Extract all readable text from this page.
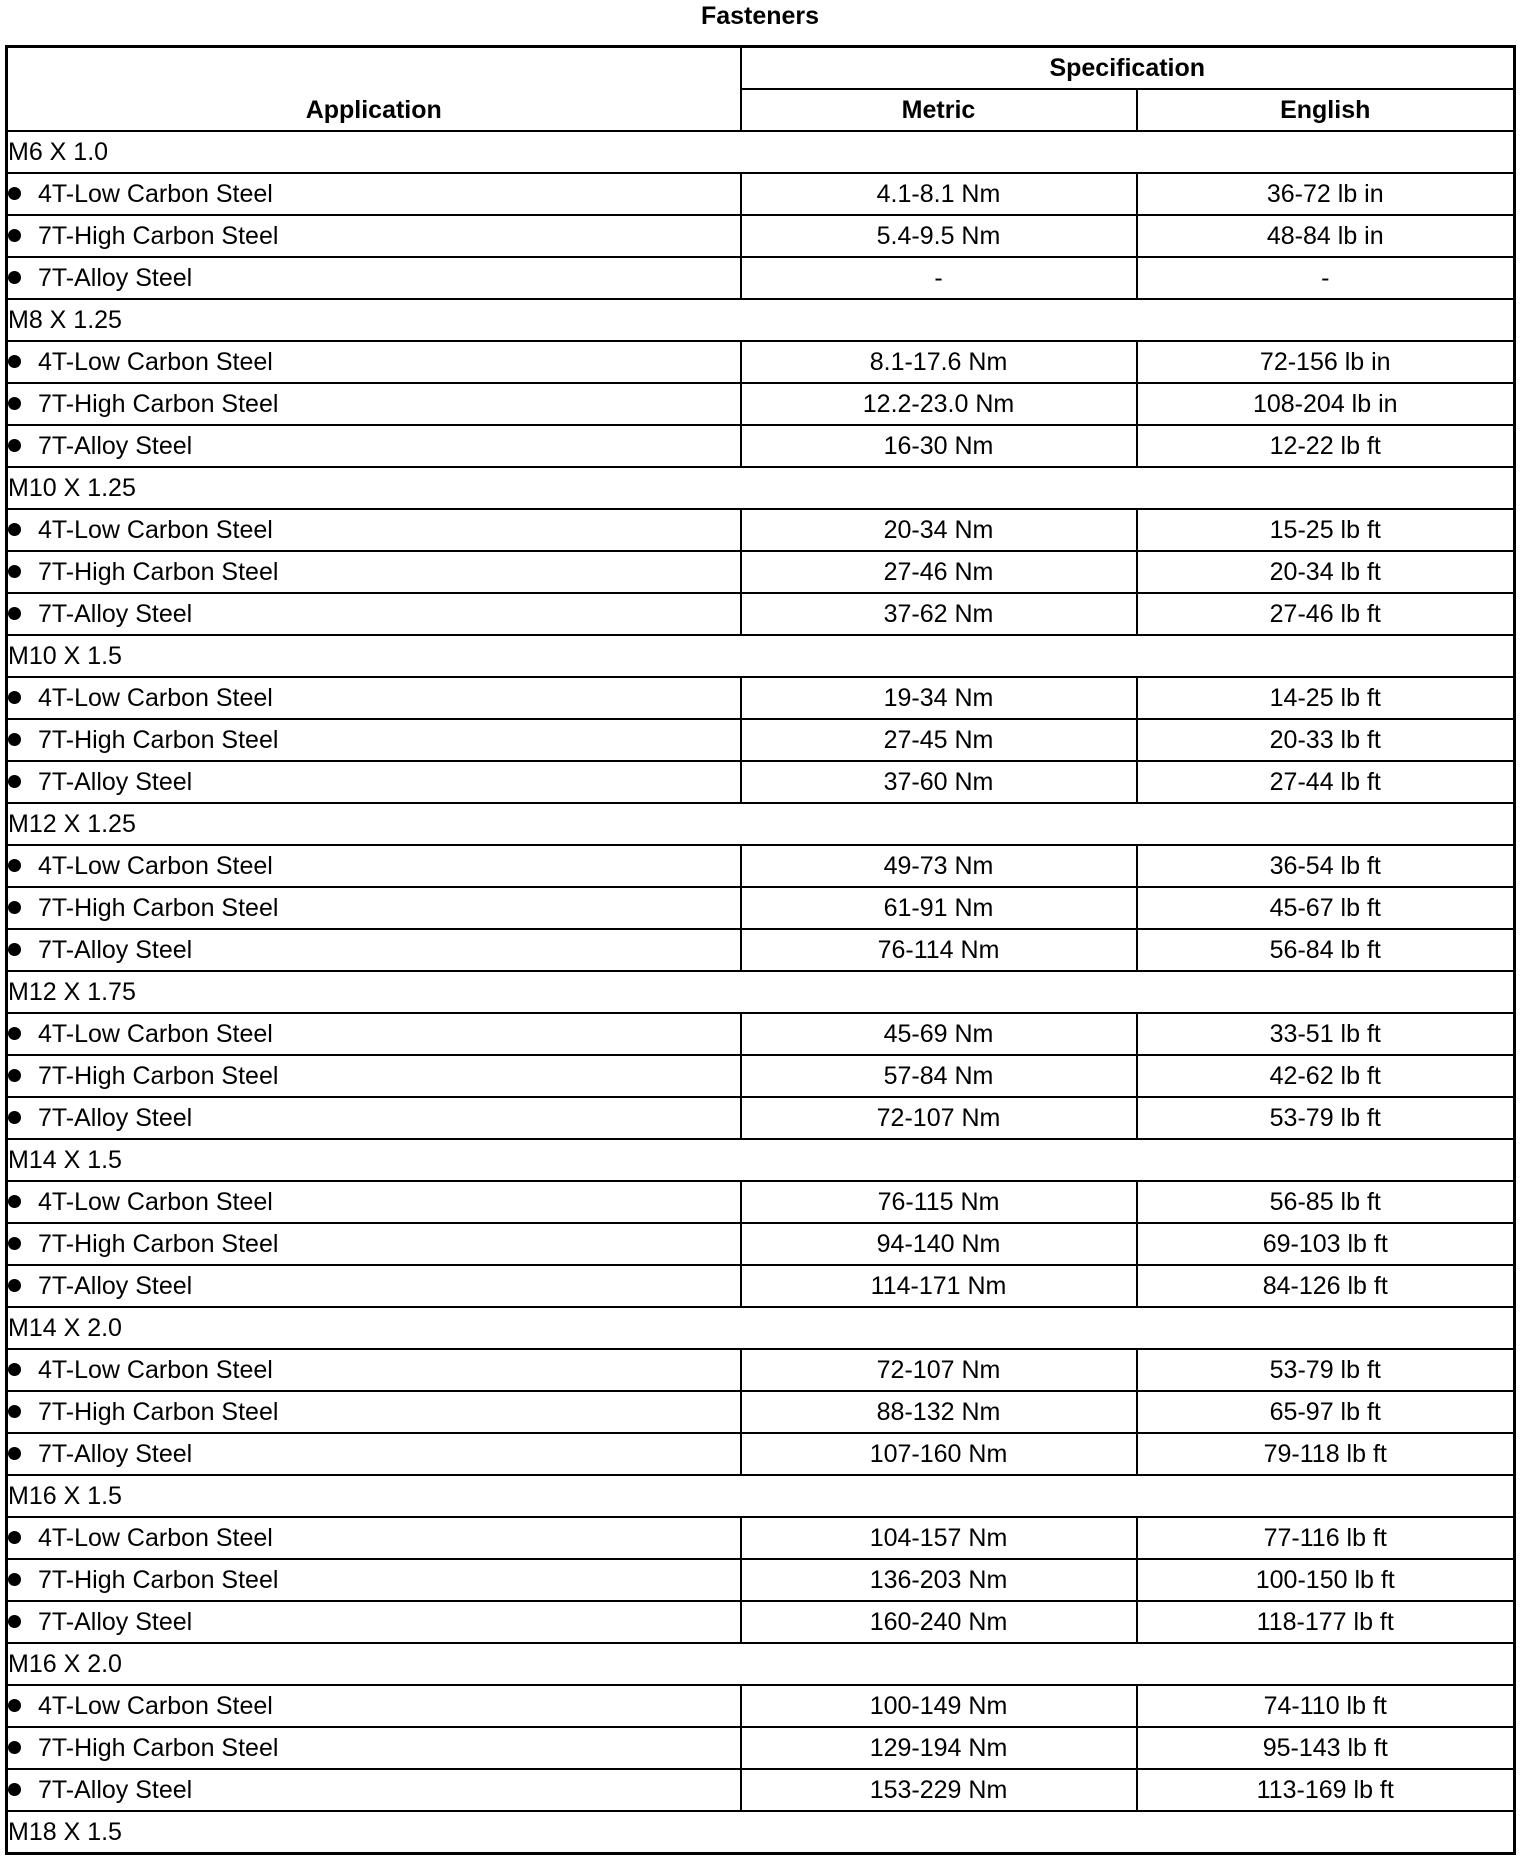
Fasteners
Application	Specification	
	Metric	English
M6 X 1.0		
4T-Low Carbon Steel	4.1-8.1 Nm	36-72 lb in
7T-High Carbon Steel	5.4-9.5 Nm	48-84 lb in
7T-Alloy Steel	-	-
M8 X 1.25		
4T-Low Carbon Steel	8.1-17.6 Nm	72-156 lb in
7T-High Carbon Steel	12.2-23.0 Nm	108-204 lb in
7T-Alloy Steel	16-30 Nm	12-22 lb ft
M10 X 1.25		
4T-Low Carbon Steel	20-34 Nm	15-25 lb ft
7T-High Carbon Steel	27-46 Nm	20-34 lb ft
7T-Alloy Steel	37-62 Nm	27-46 lb ft
M10 X 1.5		
4T-Low Carbon Steel	19-34 Nm	14-25 lb ft
7T-High Carbon Steel	27-45 Nm	20-33 lb ft
7T-Alloy Steel	37-60 Nm	27-44 lb ft
M12 X 1.25		
4T-Low Carbon Steel	49-73 Nm	36-54 lb ft
7T-High Carbon Steel	61-91 Nm	45-67 lb ft
7T-Alloy Steel	76-114 Nm	56-84 lb ft
M12 X 1.75		
4T-Low Carbon Steel	45-69 Nm	33-51 lb ft
7T-High Carbon Steel	57-84 Nm	42-62 lb ft
7T-Alloy Steel	72-107 Nm	53-79 lb ft
M14 X 1.5		
4T-Low Carbon Steel	76-115 Nm	56-85 lb ft
7T-High Carbon Steel	94-140 Nm	69-103 lb ft
7T-Alloy Steel	114-171 Nm	84-126 lb ft
M14 X 2.0		
4T-Low Carbon Steel	72-107 Nm	53-79 lb ft
7T-High Carbon Steel	88-132 Nm	65-97 lb ft
7T-Alloy Steel	107-160 Nm	79-118 lb ft
M16 X 1.5		
4T-Low Carbon Steel	104-157 Nm	77-116 lb ft
7T-High Carbon Steel	136-203 Nm	100-150 lb ft
7T-Alloy Steel	160-240 Nm	118-177 lb ft
M16 X 2.0		
4T-Low Carbon Steel	100-149 Nm	74-110 lb ft
7T-High Carbon Steel	129-194 Nm	95-143 lb ft
7T-Alloy Steel	153-229 Nm	113-169 lb ft
M18 X 1.5		
